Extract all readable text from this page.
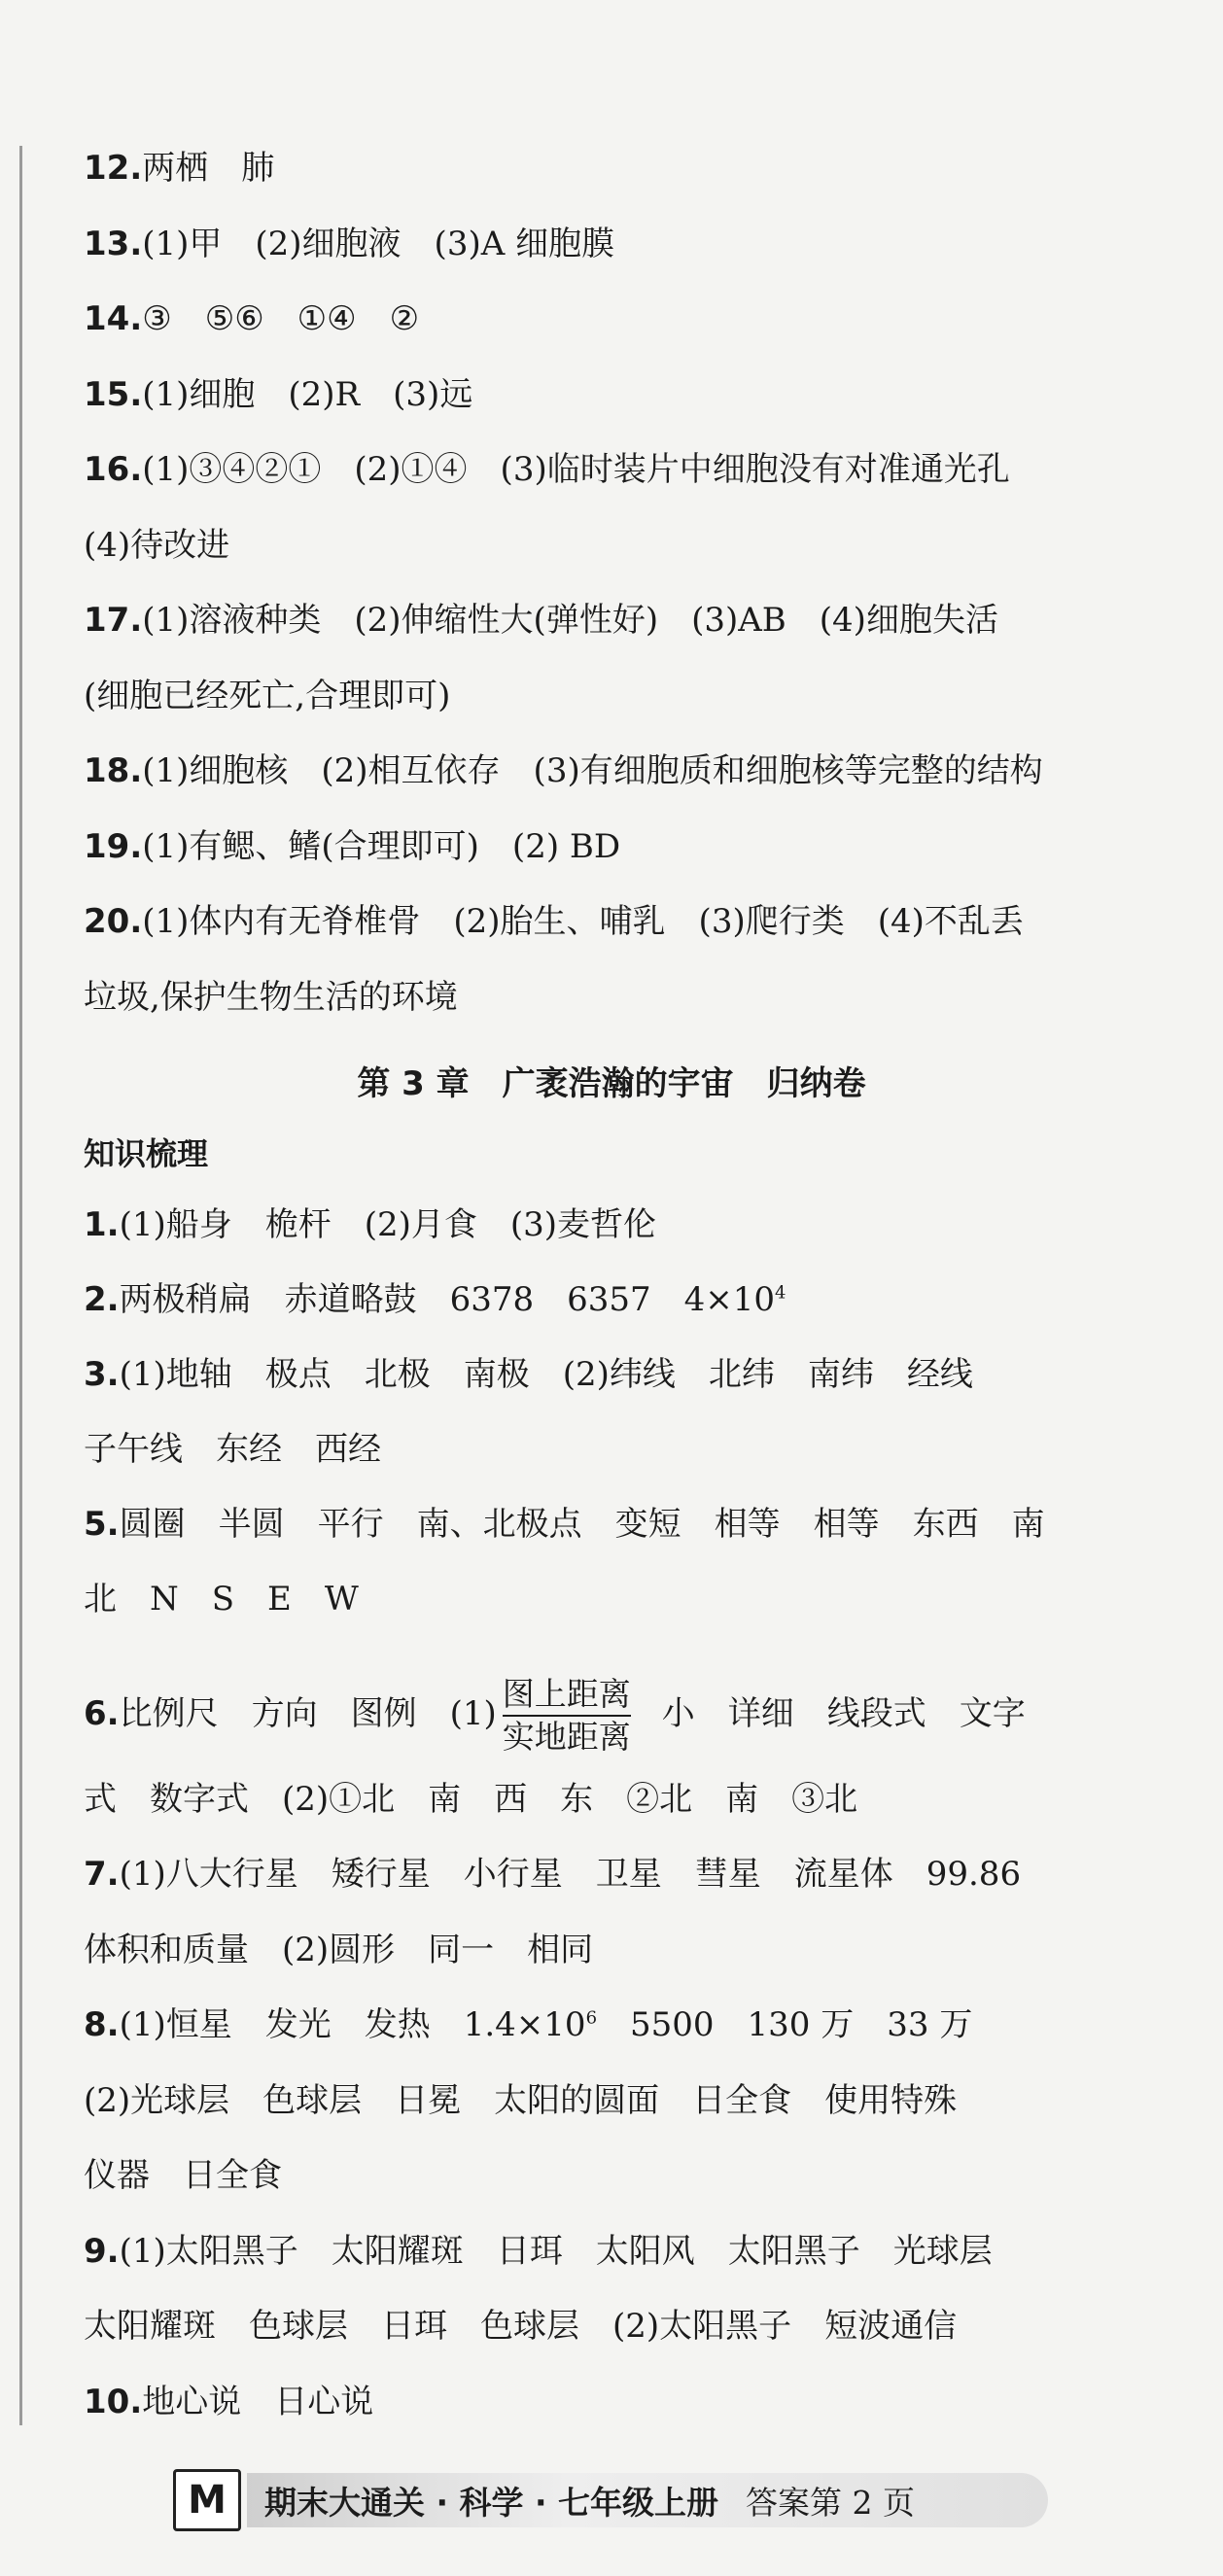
12.两栖　肺
13.(1)甲　(2)细胞液　(3)A 细胞膜
14.③　⑤⑥　①④　②
15.(1)细胞　(2)R　(3)远
16.(1)③④②①　(2)①④　(3)临时装片中细胞没有对准通光孔
(4)待改进
17.(1)溶液种类　(2)伸缩性大(弹性好)　(3)AB　(4)细胞失活
(细胞已经死亡,合理即可)
18.(1)细胞核　(2)相互依存　(3)有细胞质和细胞核等完整的结构
19.(1)有鳃、鳍(合理即可)　(2) BD
20.(1)体内有无脊椎骨　(2)胎生、哺乳　(3)爬行类　(4)不乱丢
垃圾,保护生物生活的环境
第 3 章　广袤浩瀚的宇宙　归纳卷
知识梳理
1.(1)船身　桅杆　(2)月食　(3)麦哲伦
2.两极稍扁　赤道略鼓　6378　6357　$4\times 10^4$
3.(1)地轴　极点　北极　南极　(2)纬线　北纬　南纬　经线
子午线　东经　西经
5.圆圈　半圆　平行　南、北极点　变短　相等　相等　东西　南
北　N　S　E　W
6.比例尺　方向　图例　$(1) \frac{\text{图上距离}}{\text{实地距离}}$ 小　详细　线段式　文字
式　数字式　(2)①北　南　西　东　②北　南　③北
7.(1)八大行星　矮行星　小行星　卫星　彗星　流星体　99.86
体积和质量　(2)圆形　同一　相同
8.(1)恒星　发光　发热　$1.4\times 10^6$　5500　130 万　33 万
(2)光球层　色球层　日冕　太阳的圆面　日全食　使用特殊
仪器　日全食
9.(1)太阳黑子　太阳耀斑　日珥　太阳风　太阳黑子　光球层
太阳耀斑　色球层　日珥　色球层　(2)太阳黑子　短波通信
10.地心说　日心说
M 期末大通关 · 科学 · 七年级上册 答案第 2 页
